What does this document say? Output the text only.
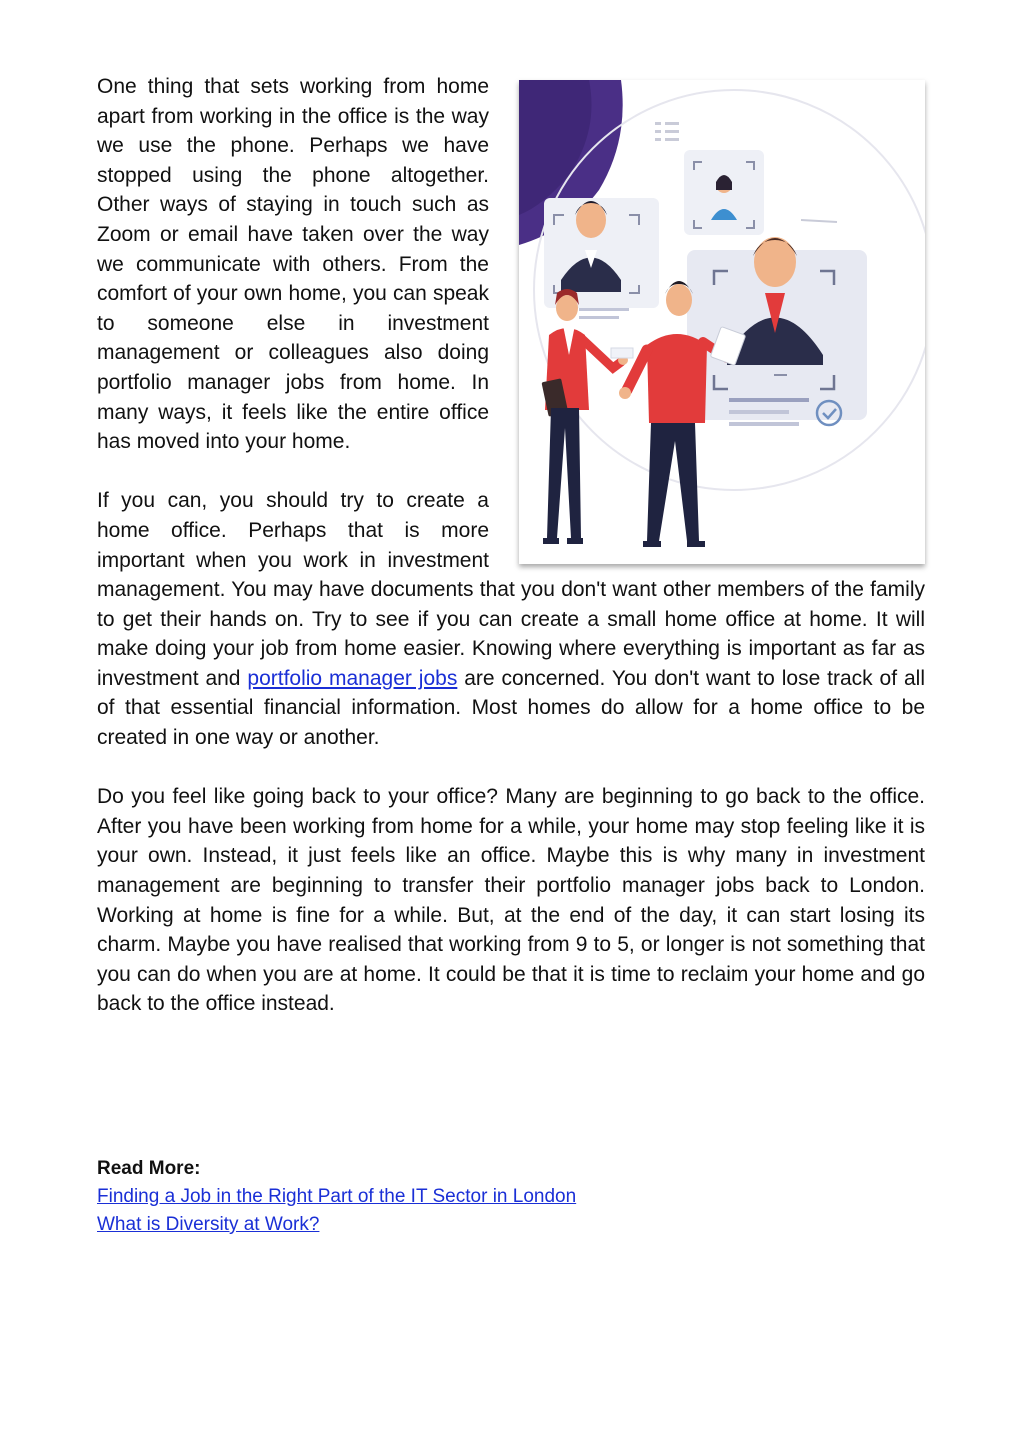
One thing that sets working from home apart from working in the office is the way we use the phone. Perhaps we have stopped using the phone altogether. Other ways of staying in touch such as Zoom or email have taken over the way we communicate with others. From the comfort of your own home, you can speak to someone else in investment management or colleagues also doing portfolio manager jobs from home. In many ways, it feels like the entire office has moved into your home.

If you can, you should try to create a home office. Perhaps that is more important when you work in investment management. You may have documents that you don't want other members of the family to get their hands on. Try to see if you can create a small home office at home. It will make doing your job from home easier. Knowing where everything is important as far as investment and portfolio manager jobs are concerned. You don't want to lose track of all of that essential financial information. Most homes do allow for a home office to be created in one way or another.

Do you feel like going back to your office? Many are beginning to go back to the office. After you have been working from home for a while, your home may stop feeling like it is your own. Instead, it just feels like an office. Maybe this is why many in investment management are beginning to transfer their portfolio manager jobs back to London. Working at home is fine for a while. But, at the end of the day, it can start losing its charm. Maybe you have realised that working from 9 to 5, or longer is not something that you can do when you are at home. It could be that it is time to reclaim your home and go back to the office instead.

Read More:
Finding a Job in the Right Part of the IT Sector in London
What is Diversity at Work?
